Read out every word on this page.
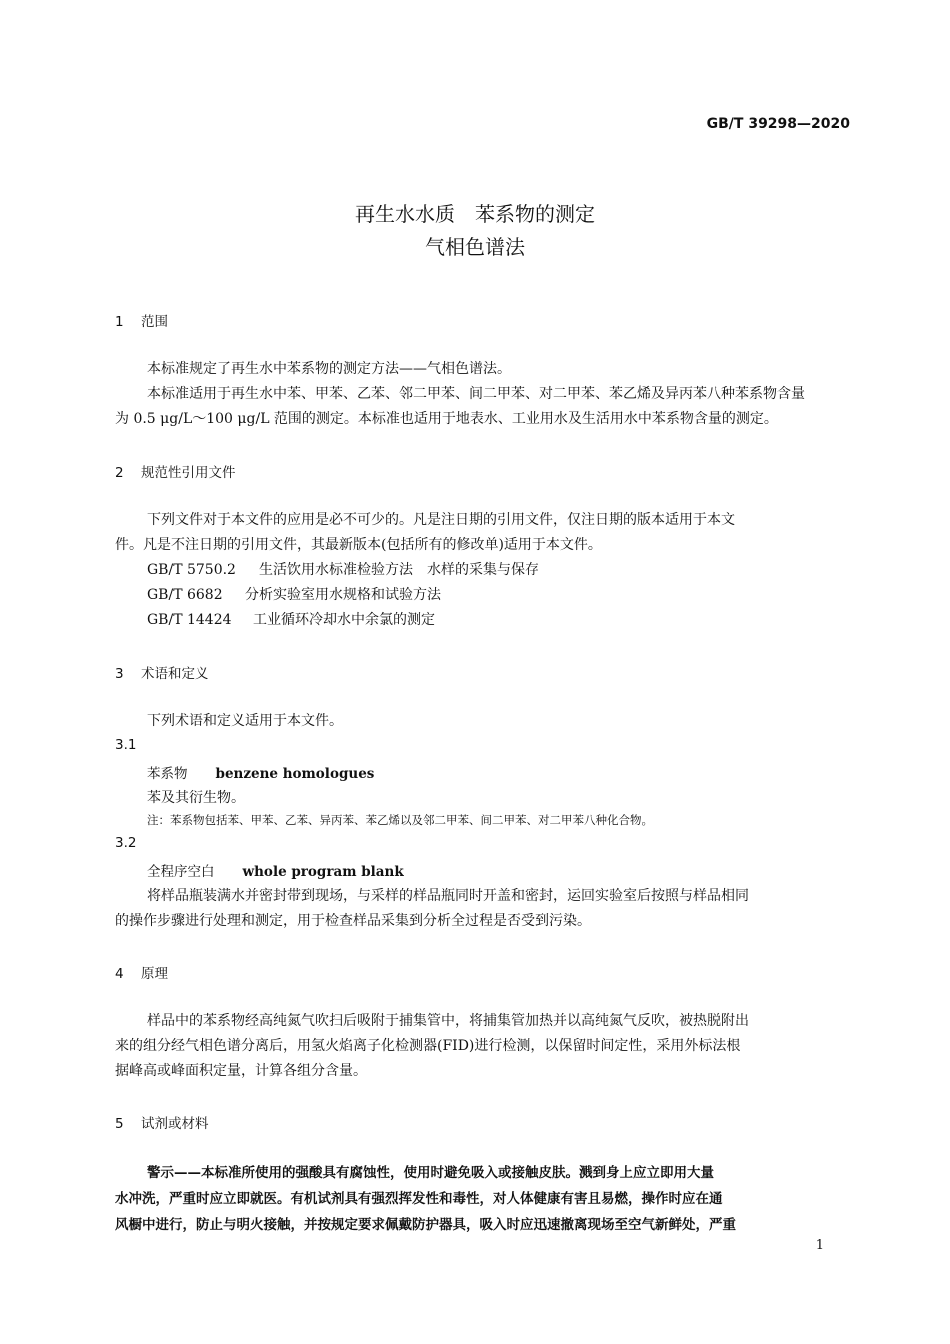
GB/T 39298—2020
再生水水质　苯系物的测定
气相色谱法
1 范围
本标准规定了再生水中苯系物的测定方法——气相色谱法。
本标准适用于再生水中苯、甲苯、乙苯、邻二甲苯、间二甲苯、对二甲苯、苯乙烯及异丙苯八种苯系物含量
为 0.5 μg/L～100 μg/L 范围的测定。本标准也适用于地表水、工业用水及生活用水中苯系物含量的测定。
2 规范性引用文件
下列文件对于本文件的应用是必不可少的。凡是注日期的引用文件，仅注日期的版本适用于本文
件。凡是不注日期的引用文件，其最新版本(包括所有的修改单)适用于本文件。
GB/T 5750.2 生活饮用水标准检验方法　水样的采集与保存
GB/T 6682 分析实验室用水规格和试验方法
GB/T 14424 工业循环冷却水中余氯的测定
3 术语和定义
下列术语和定义适用于本文件。
3.1
苯系物 benzene homologues
苯及其衍生物。
注：苯系物包括苯、甲苯、乙苯、异丙苯、苯乙烯以及邻二甲苯、间二甲苯、对二甲苯八种化合物。
3.2
全程序空白 whole program blank
将样品瓶装满水并密封带到现场，与采样的样品瓶同时开盖和密封，运回实验室后按照与样品相同
的操作步骤进行处理和测定，用于检查样品采集到分析全过程是否受到污染。
4 原理
样品中的苯系物经高纯氮气吹扫后吸附于捕集管中，将捕集管加热并以高纯氮气反吹，被热脱附出
来的组分经气相色谱分离后，用氢火焰离子化检测器(FID)进行检测，以保留时间定性，采用外标法根
据峰高或峰面积定量，计算各组分含量。
5 试剂或材料
警示——本标准所使用的强酸具有腐蚀性，使用时避免吸入或接触皮肤。溅到身上应立即用大量
水冲洗，严重时应立即就医。有机试剂具有强烈挥发性和毒性，对人体健康有害且易燃，操作时应在通
风橱中进行，防止与明火接触，并按规定要求佩戴防护器具，吸入时应迅速撤离现场至空气新鲜处，严重
1
